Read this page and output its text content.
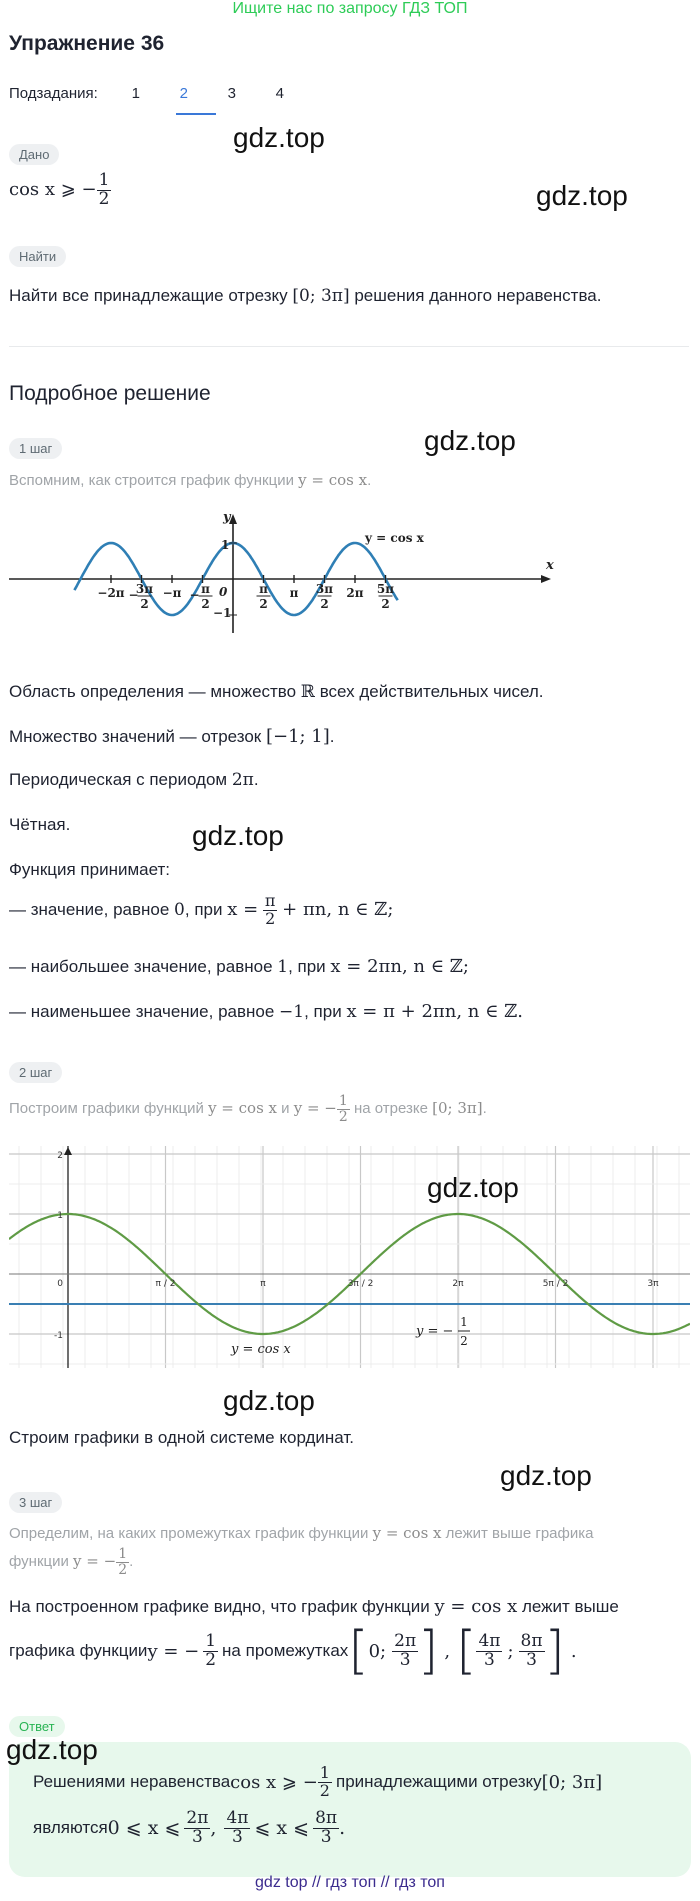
Ищите нас по запросу ГДЗ ТОП
Упражнение 36
Подзадания:	1	2	3	4
Дано
gdz.top
cos x ⩾ − $\frac{1}{2}$	gdz.top
Найти
Найти все принадлежащие отрезку [0; 3π] решения данного неравенства.
Подробное решение
1 шаг	gdz.top
Вспомним, как строится график функции y = cos x.
−2π −
3π
2
−π − π
2
π
2
π 3π
2
2π 5π
2
y
x
y = cos x
1
−1
0
Область определения — множество ℝ всех действительных чисел.
Множество значений — отрезок [−1; 1].
Периодическая с периодом 2π.
Чётная.	gdz.top
Функция принимает:
— значение, равное 0, при $x = \frac{\pi}{2} + \pi n$, n ∈ ℤ;
— наибольшее значение, равное 1, при x = 2πn, n ∈ ℤ;
— наименьшее значение, равное −1, при x = π + 2πn, n ∈ ℤ.
2 шаг
Построим графики функций y = cos x и y = − $\frac{1}{2}$ на отрезке [0; 3π].
2
1
0
-1
π / 2	π	3π / 2	2π	5π / 2	3π
y = cos x
y = −
1
2
gdz.top
gdz.top
Строим графики в одной системе кординат.
gdz.top
3 шаг
Определим, на каких промежутках график функции y = cos x лежит выше графика
функции y = − $\frac{1}{2}$ .
На построенном графике видно, что график функции y = cos x лежит выше
графика функции y = − $\frac{1}{2}$ на промежутках [ 0; $\frac{2\pi}{3}$ ] , [ $\frac{4\pi}{3}$ ; $\frac{8\pi}{3}$ ] .
Ответ
gdz.top
Решениями неравенства cos x ⩾ − $\frac{1}{2}$ принадлежащими отрезку [0; 3π]
являются 0 ⩽ x ⩽ $\frac{2\pi}{3}$ , $\frac{4\pi}{3}$ ⩽ x ⩽ $\frac{8\pi}{3}$ .
gdz top // гдз топ // гдз топ
